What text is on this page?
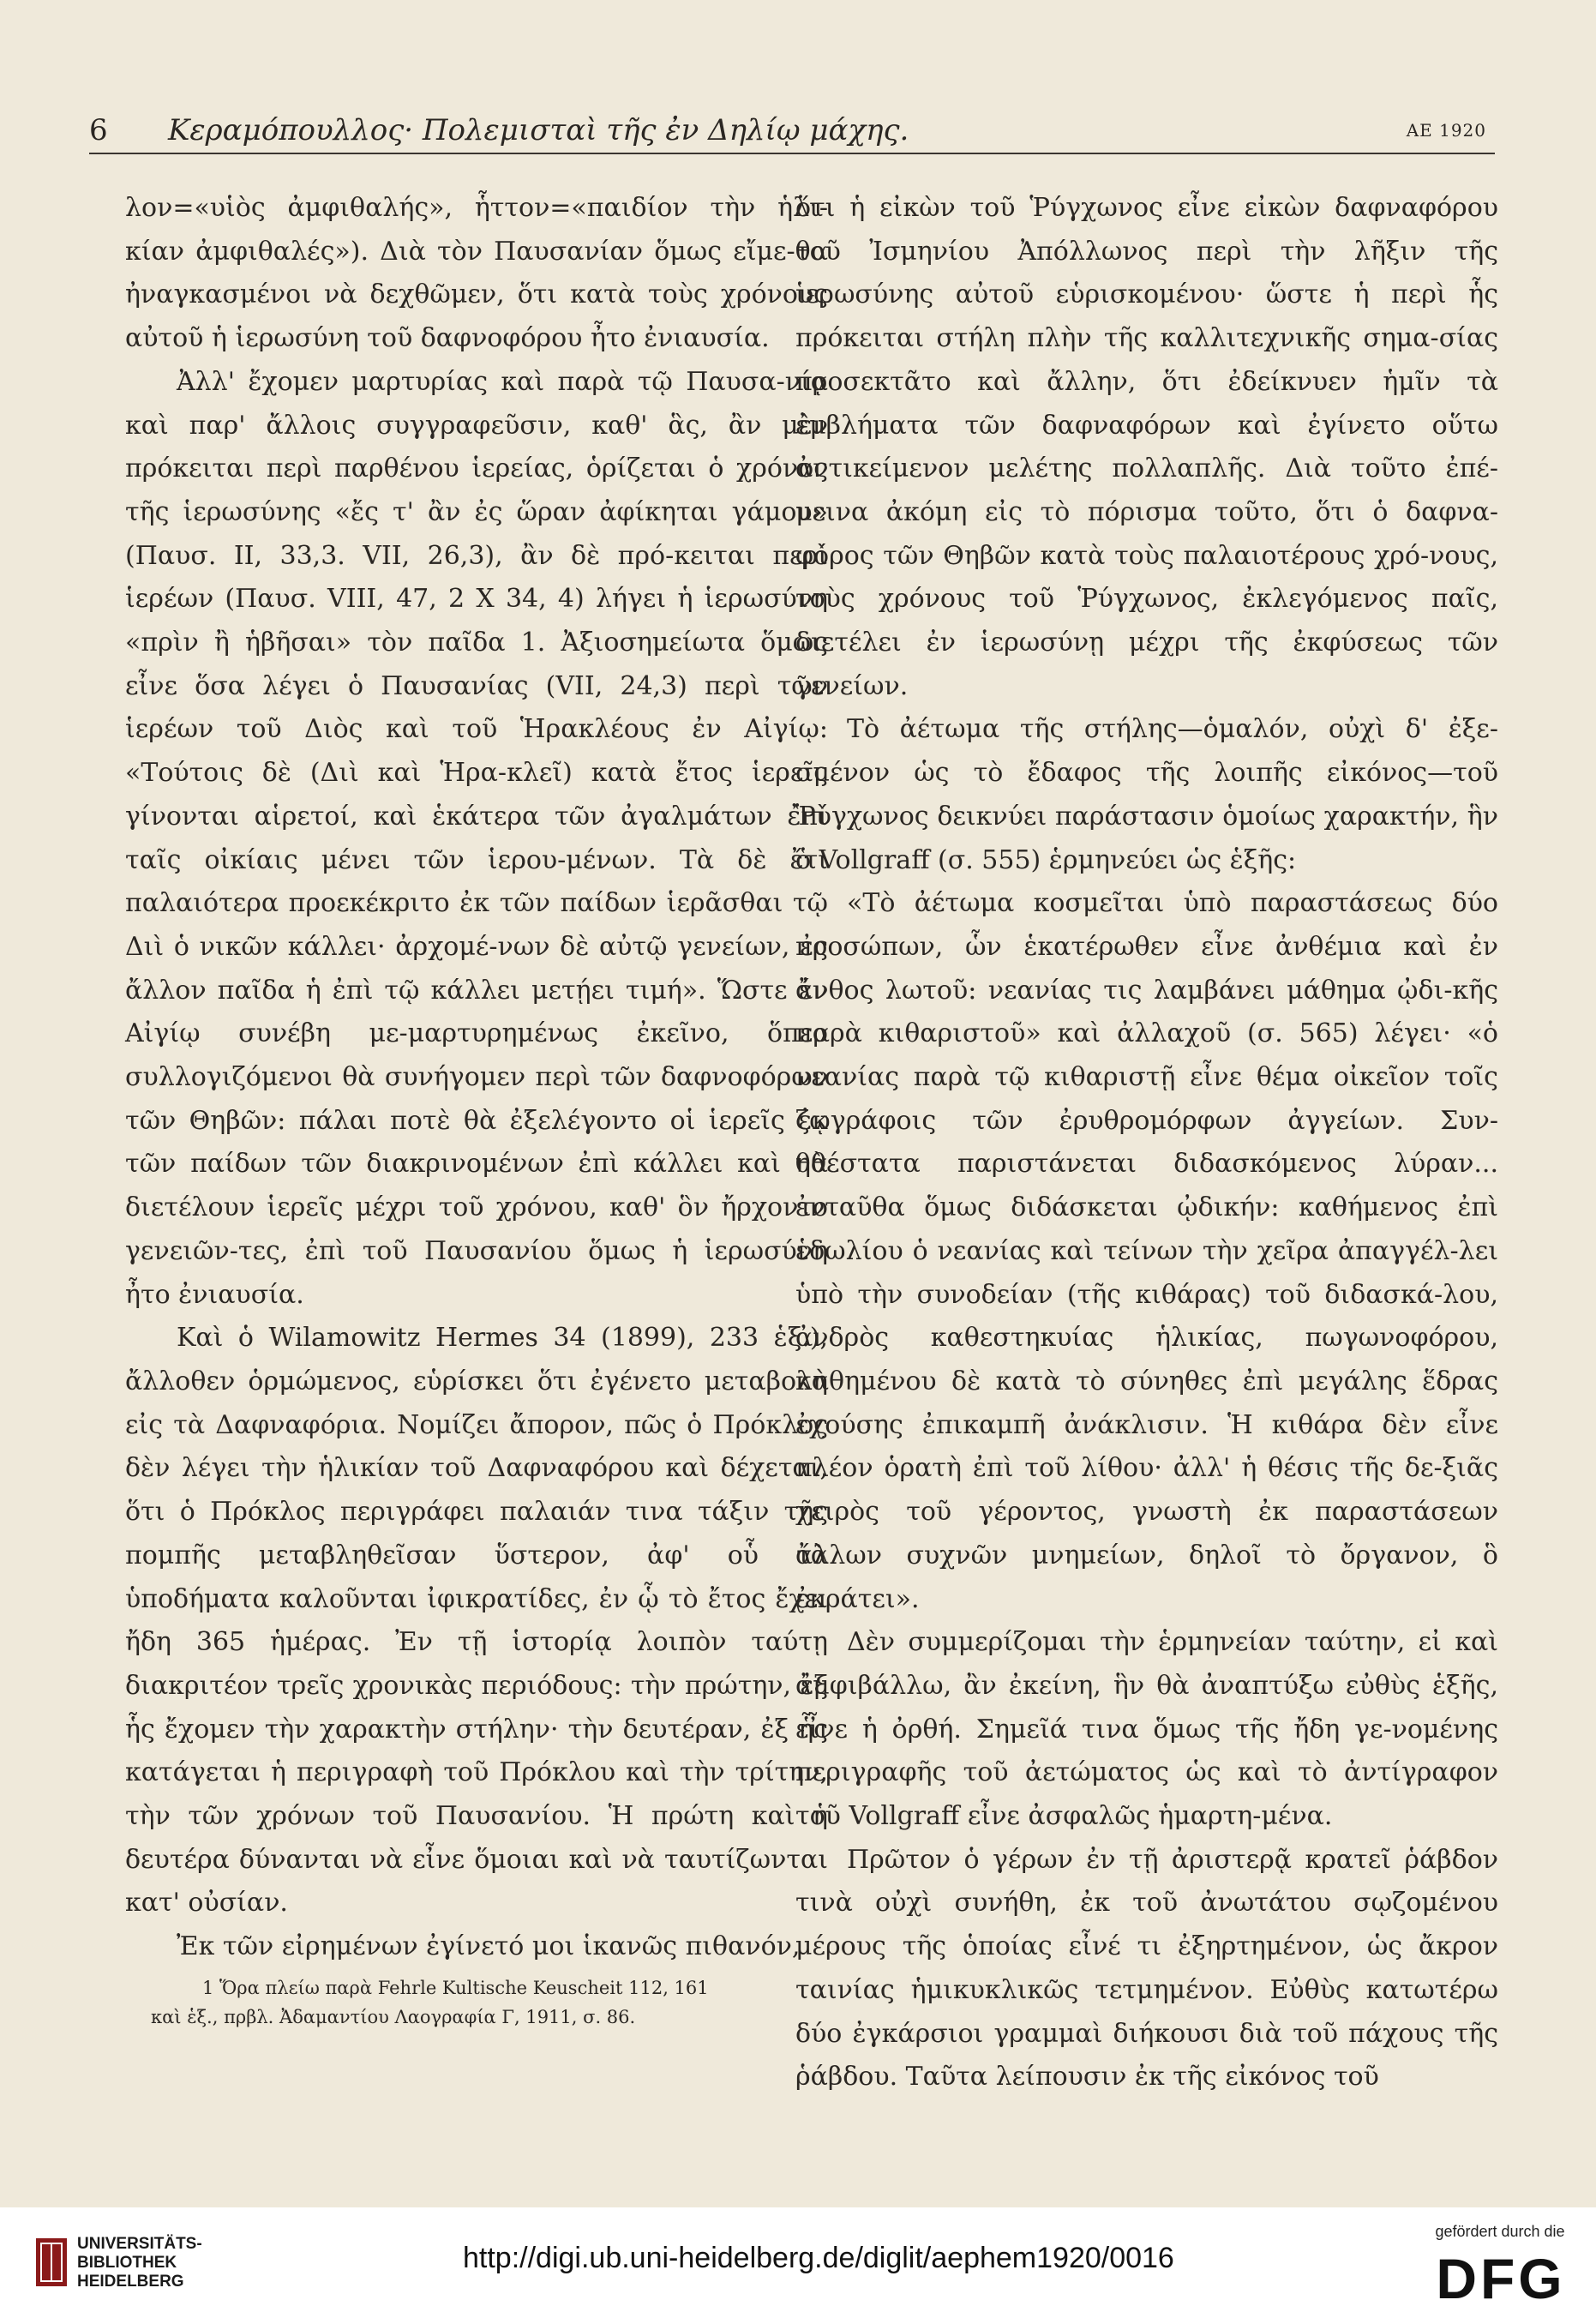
6 Κεραμόπουλλος· Πολεμισταὶ τῆς ἐν Δηλίῳ μάχης.	ΑΕ 1920

λον=«υἱὸς ἀμφιθαλής», ἧττον=«παιδίον τὴν ἡλι-κίαν ἀμφιθαλές»). Διὰ τὸν Παυσανίαν ὅμως εἴμε-θα ἠναγκασμένοι νὰ δεχθῶμεν, ὅτι κατὰ τοὺς χρόνους αὐτοῦ ἡ ἱερωσύνη τοῦ δαφνοφόρου ἦτο ἐνιαυσία.

Ἀλλ' ἔχομεν μαρτυρίας καὶ παρὰ τῷ Παυσα-νίᾳ καὶ παρ' ἄλλοις συγγραφεῦσιν, καθ' ἃς, ἂν μὲν πρόκειται περὶ παρθένου ἱερείας, ὁρίζεται ὁ χρόνος τῆς ἱερωσύνης «ἔς τ' ἂν ἐς ὥραν ἀφίκηται γάμου» (Παυσ. II, 33,3. VII, 26,3), ἂν δὲ πρό-κειται περὶ ἱερέων (Παυσ. VIII, 47, 2 X 34, 4) λήγει ἡ ἱερωσύνη «πρὶν ἢ ἡβῆσαι» τὸν παῖδα 1. Ἀξιοσημείωτα ὅμως εἶνε ὅσα λέγει ὁ Παυσανίας (VII, 24,3) περὶ τῶν ἱερέων τοῦ Διὸς καὶ τοῦ Ἡρακλέους ἐν Αἰγίῳ: «Τούτοις δὲ (Διὶ καὶ Ἡρα-κλεῖ) κατὰ ἔτος ἱερεῖς γίνονται αἱρετοί, καὶ ἑκάτερα τῶν ἀγαλμάτων ἐπὶ ταῖς οἰκίαις μένει τῶν ἱερου-μένων. Τὰ δὲ ἔτι παλαιότερα προεκέκριτο ἐκ τῶν παίδων ἱερᾶσθαι τῷ Διὶ ὁ νικῶν κάλλει· ἀρχομέ-νων δὲ αὐτῷ γενείων, ἐς ἄλλον παῖδα ἡ ἐπὶ τῷ κάλλει μετῄει τιμή». Ὥστε ἐν Αἰγίῳ συνέβη με-μαρτυρημένως ἐκεῖνο, ὅπερ συλλογιζόμενοι θὰ συνήγομεν περὶ τῶν δαφνοφόρων τῶν Θηβῶν: πάλαι ποτὲ θὰ ἐξελέγοντο οἱ ἱερεῖς ἐκ τῶν παίδων τῶν διακρινομένων ἐπὶ κάλλει καὶ θὰ διετέλουν ἱερεῖς μέχρι τοῦ χρόνου, καθ' ὃν ἤρχοντο γενειῶν-τες, ἐπὶ τοῦ Παυσανίου ὅμως ἡ ἱερωσύνη ἦτο ἐνιαυσία.

Καὶ ὁ Wilamowitz Hermes 34 (1899), 233 ἑξ.), ἄλλοθεν ὁρμώμενος, εὑρίσκει ὅτι ἐγένετο μεταβολὴ εἰς τὰ Δαφναφόρια. Νομίζει ἄπορον, πῶς ὁ Πρόκλος δὲν λέγει τὴν ἡλικίαν τοῦ Δαφναφόρου καὶ δέχεται, ὅτι ὁ Πρόκλος περιγράφει παλαιάν τινα τάξιν τῆς πομπῆς μεταβληθεῖσαν ὕστερον, ἀφ' οὗ τὰ ὑποδήματα καλοῦνται ἰφικρατίδες, ἐν ᾧ τὸ ἔτος ἔχει ἤδη 365 ἡμέρας. Ἐν τῇ ἱστορίᾳ λοιπὸν ταύτῃ διακριτέον τρεῖς χρονικὰς περιόδους: τὴν πρώτην, ἐξ ἧς ἔχομεν τὴν χαρακτὴν στήλην· τὴν δευτέραν, ἐξ ἧς κατάγεται ἡ περιγραφὴ τοῦ Πρόκλου καὶ τὴν τρίτην, τὴν τῶν χρόνων τοῦ Παυσανίου. Ἡ πρώτη καὶ ἡ δευτέρα δύνανται νὰ εἶνε ὅμοιαι καὶ νὰ ταυτίζωνται κατ' οὐσίαν.

Ἐκ τῶν εἰρημένων ἐγίνετό μοι ἱκανῶς πιθανόν,

ὅτι ἡ εἰκὼν τοῦ Ῥύγχωνος εἶνε εἰκὼν δαφναφόρου τοῦ Ἰσμηνίου Ἀπόλλωνος περὶ τὴν λῆξιν τῆς ἱερωσύνης αὐτοῦ εὑρισκομένου· ὥστε ἡ περὶ ἧς πρόκειται στήλη πλὴν τῆς καλλιτεχνικῆς σημα-σίας προσεκτᾶτο καὶ ἄλλην, ὅτι ἐδείκνυεν ἡμῖν τὰ ἐμβλήματα τῶν δαφναφόρων καὶ ἐγίνετο οὕτω ἀντικείμενον μελέτης πολλαπλῆς. Διὰ τοῦτο ἐπέ-μεινα ἀκόμη εἰς τὸ πόρισμα τοῦτο, ὅτι ὁ δαφνα-φόρος τῶν Θηβῶν κατὰ τοὺς παλαιοτέρους χρό-νους, τοὺς χρόνους τοῦ Ῥύγχωνος, ἐκλεγόμενος παῖς, διετέλει ἐν ἱερωσύνῃ μέχρι τῆς ἐκφύσεως τῶν γενείων.

Τὸ ἀέτωμα τῆς στήλης—ὁμαλόν, οὐχὶ δ' ἐξε-σμένον ὡς τὸ ἔδαφος τῆς λοιπῆς εἰκόνος—τοῦ Ῥύγχωνος δεικνύει παράστασιν ὁμοίως χαρακτήν, ἣν ὁ Vollgraff (σ. 555) ἑρμηνεύει ὡς ἑξῆς:

«Τὸ ἀέτωμα κοσμεῖται ὑπὸ παραστάσεως δύο προσώπων, ὧν ἑκατέρωθεν εἶνε ἀνθέμια καὶ ἐν ἄνθος λωτοῦ: νεανίας τις λαμβάνει μάθημα ᾠδι-κῆς παρὰ κιθαριστοῦ» καὶ ἀλλαχοῦ (σ. 565) λέγει· «ὁ νεανίας παρὰ τῷ κιθαριστῇ εἶνε θέμα οἰκεῖον τοῖς ζῳγράφοις τῶν ἐρυθρομόρφων ἀγγείων. Συν-ηθέστατα παριστάνεται διδασκόμενος λύραν... ἐνταῦθα ὅμως διδάσκεται ᾠδικήν: καθήμενος ἐπὶ ἑδωλίου ὁ νεανίας καὶ τείνων τὴν χεῖρα ἀπαγγέλ-λει ὑπὸ τὴν συνοδείαν (τῆς κιθάρας) τοῦ διδασκά-λου, ἀνδρὸς καθεστηκυίας ἡλικίας, πωγωνοφόρου, καθημένου δὲ κατὰ τὸ σύνηθες ἐπὶ μεγάλης ἕδρας ἐχούσης ἐπικαμπῆ ἀνάκλισιν. Ἡ κιθάρα δὲν εἶνε πλέον ὁρατὴ ἐπὶ τοῦ λίθου· ἀλλ' ἡ θέσις τῆς δε-ξιᾶς χειρὸς τοῦ γέροντος, γνωστὴ ἐκ παραστάσεων ἄλλων συχνῶν μνημείων, δηλοῖ τὸ ὄργανον, ὃ ἐκράτει».

Δὲν συμμερίζομαι τὴν ἑρμηνείαν ταύτην, εἰ καὶ ἀμφιβάλλω, ἂν ἐκείνη, ἣν θὰ ἀναπτύξω εὐθὺς ἑξῆς, εἶνε ἡ ὀρθή. Σημεῖά τινα ὅμως τῆς ἤδη γε-νομένης περιγραφῆς τοῦ ἀετώματος ὡς καὶ τὸ ἀντίγραφον τοῦ Vollgraff εἶνε ἀσφαλῶς ἡμαρτη-μένα.

Πρῶτον ὁ γέρων ἐν τῇ ἀριστερᾷ κρατεῖ ῥάβδον τινὰ οὐχὶ συνήθη, ἐκ τοῦ ἀνωτάτου σῳζομένου μέρους τῆς ὁποίας εἶνέ τι ἐξηρτημένον, ὡς ἄκρον ταινίας ἡμικυκλικῶς τετμημένον. Εὐθὺς κατωτέρω δύο ἐγκάρσιοι γραμμαὶ διήκουσι διὰ τοῦ πάχους τῆς ῥάβδου. Ταῦτα λείπουσιν ἐκ τῆς εἰκόνος τοῦ

1 Ὅρα πλείω παρὰ Fehrle Kultische Keuscheit 112, 161

καὶ ἑξ., πρβλ. Ἀδαμαντίου Λαογραφία Γ, 1911, σ. 86.

UNIVERSITÄTS-
BIBLIOTHEK
HEIDELBERG
http://digi.ub.uni-heidelberg.de/diglit/aephem1920/0016
gefördert durch die
DFG
